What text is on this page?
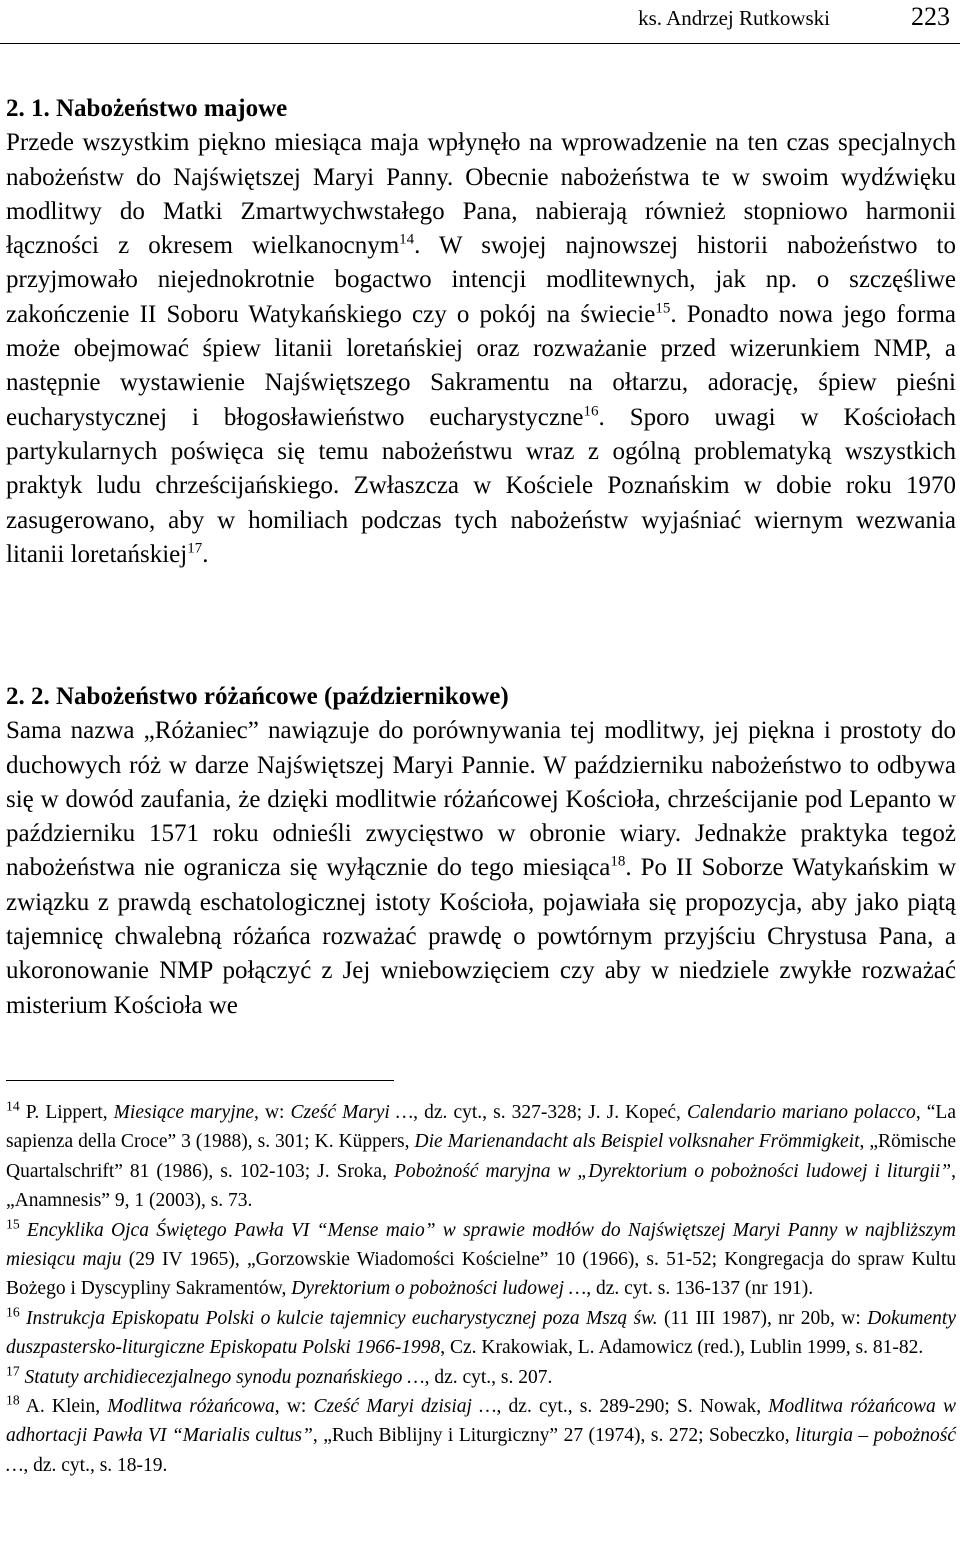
ks. Andrzej Rutkowski	223
2. 1. Nabożeństwo majowe

Przede wszystkim piękno miesiąca maja wpłynęło na wprowadzenie na ten czas specjalnych nabożeństw do Najświętszej Maryi Panny. Obecnie nabożeństwa te w swoim wydźwięku modlitwy do Matki Zmartwychwstałego Pana, nabierają również stopniowo harmonii łączności z okresem wielkanocnym$^{14}$. W swojej najnowszej historii nabożeństwo to przyjmowało niejednokrotnie bogactwo intencji modlitewnych, jak np. o szczęśliwe zakończenie II Soboru Watykańskiego czy o pokój na świecie$^{15}$. Ponadto nowa jego forma może obejmować śpiew litanii loretańskiej oraz rozważanie przed wizerunkiem NMP, a następnie wystawienie Najświętszego Sakramentu na ołtarzu, adorację, śpiew pieśni eucharystycznej i błogosławieństwo eucharystyczne$^{16}$. Sporo uwagi w Kościołach partykularnych poświęca się temu nabożeństwu wraz z ogólną problematyką wszystkich praktyk ludu chrześcijańskiego. Zwłaszcza w Kościele Poznańskim w dobie roku 1970 zasugerowano, aby w homiliach podczas tych nabożeństw wyjaśniać wiernym wezwania litanii loretańskiej$^{17}$.

2. 2. Nabożeństwo różańcowe (październikowe)

Sama nazwa „Różaniec” nawiązuje do porównywania tej modlitwy, jej piękna i prostoty do duchowych róż w darze Najświętszej Maryi Pannie. W październiku nabożeństwo to odbywa się w dowód zaufania, że dzięki modlitwie różańcowej Kościoła, chrześcijanie pod Lepanto w październiku 1571 roku odnieśli zwycięstwo w obronie wiary. Jednakże praktyka tegoż nabożeństwa nie ogranicza się wyłącznie do tego miesiąca$^{18}$. Po II Soborze Watykańskim w związku z prawdą eschatologicznej istoty Kościoła, pojawiała się propozycja, aby jako piątą tajemnicę chwalebną różańca rozważać prawdę o powtórnym przyjściu Chrystusa Pana, a ukoronowanie NMP połączyć z Jej wniebowzięciem czy aby w niedziele zwykłe rozważać misterium Kościoła we

$^{14}$ P. Lippert, Miesiące maryjne, w: Cześć Maryi …, dz. cyt., s. 327-328; J. J. Kopeć, Calendario mariano polacco, “La sapienza della Croce” 3 (1988), s. 301; K. Küppers, Die Marienandacht als Beispiel volksnaher Frömmigkeit, „Römische Quartalschrift” 81 (1986), s. 102-103; J. Sroka, Pobożność maryjna w „Dyrektorium o pobożności ludowej i liturgii”, „Anamnesis” 9, 1 (2003), s. 73.

$^{15}$ Encyklika Ojca Świętego Pawła VI “Mense maio” w sprawie modłów do Najświętszej Maryi Panny w najbliższym miesiącu maju (29 IV 1965), „Gorzowskie Wiadomości Kościelne” 10 (1966), s. 51-52; Kongregacja do spraw Kultu Bożego i Dyscypliny Sakramentów, Dyrektorium o pobożności ludowej …, dz. cyt. s. 136-137 (nr 191).

$^{16}$ Instrukcja Episkopatu Polski o kulcie tajemnicy eucharystycznej poza Mszą św. (11 III 1987), nr 20b, w: Dokumenty duszpastersko-liturgiczne Episkopatu Polski 1966-1998, Cz. Krakowiak, L. Adamowicz (red.), Lublin 1999, s. 81-82.

$^{17}$ Statuty archidiecezjalnego synodu poznańskiego …, dz. cyt., s. 207.

$^{18}$ A. Klein, Modlitwa różańcowa, w: Cześć Maryi dzisiaj …, dz. cyt., s. 289-290; S. Nowak, Modlitwa różańcowa w adhortacji Pawła VI “Marialis cultus”, „Ruch Biblijny i Liturgiczny” 27 (1974), s. 272; Sobeczko, liturgia – pobożność …, dz. cyt., s. 18-19.
